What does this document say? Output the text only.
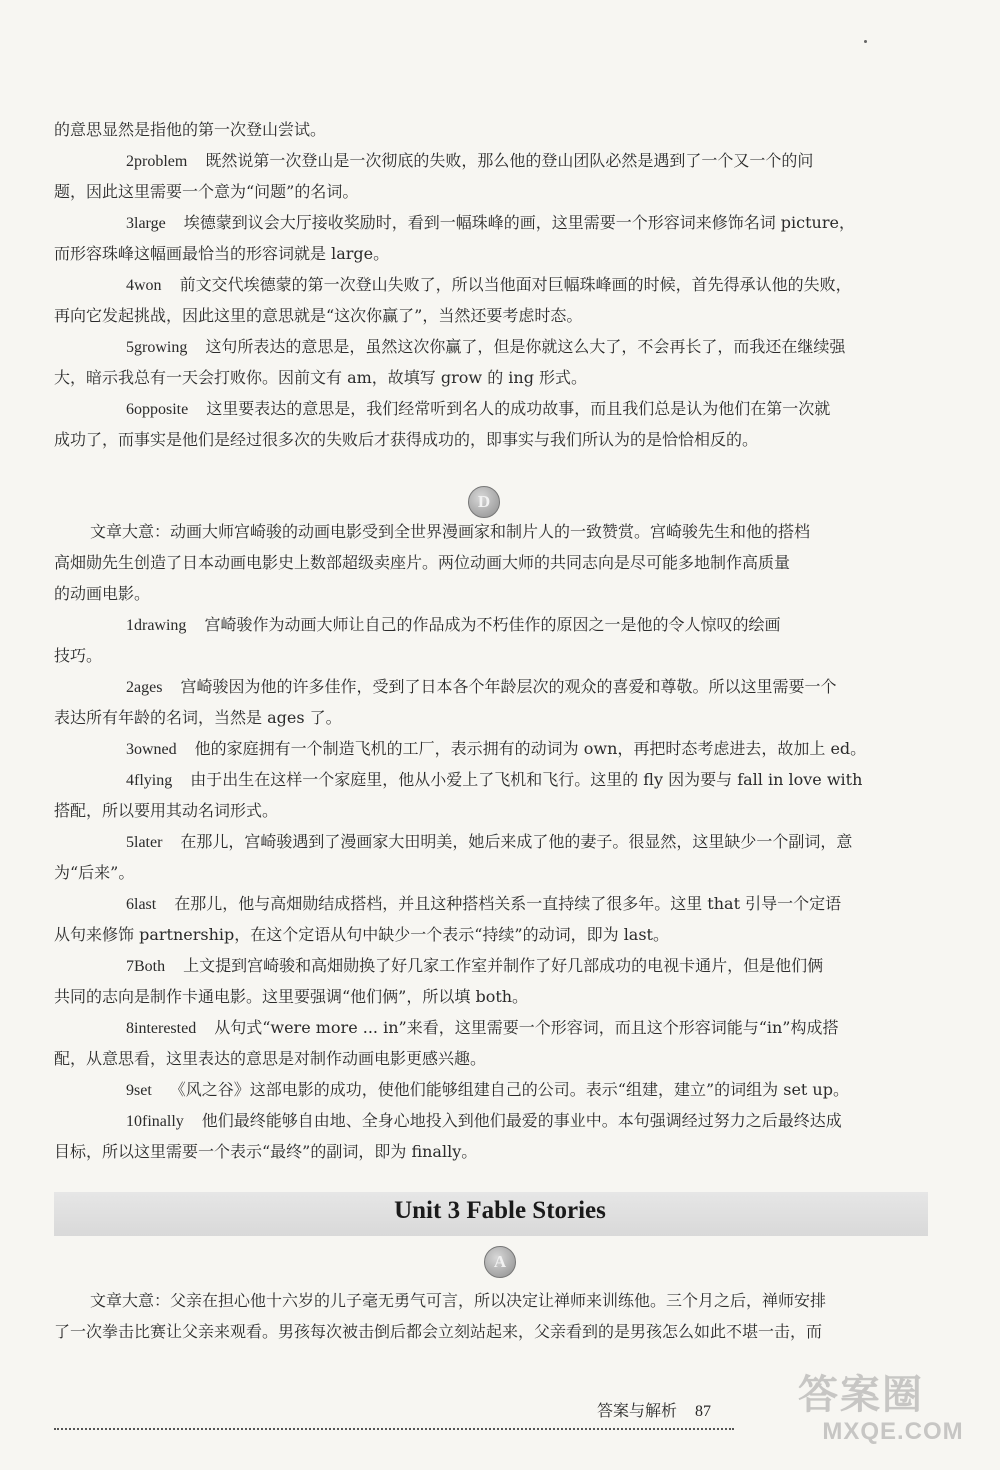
的意思显然是指他的第一次登山尝试。
2problem 既然说第一次登山是一次彻底的失败，那么他的登山团队必然是遇到了一个又一个的问
题，因此这里需要一个意为“问题”的名词。
3large 埃德蒙到议会大厅接收奖励时，看到一幅珠峰的画，这里需要一个形容词来修饰名词 picture，
而形容珠峰这幅画最恰当的形容词就是 large。
4won 前文交代埃德蒙的第一次登山失败了，所以当他面对巨幅珠峰画的时候，首先得承认他的失败，
再向它发起挑战，因此这里的意思就是“这次你赢了”，当然还要考虑时态。
5growing 这句所表达的意思是，虽然这次你赢了，但是你就这么大了，不会再长了，而我还在继续强
大，暗示我总有一天会打败你。因前文有 am，故填写 grow 的 ing 形式。
6opposite 这里要表达的意思是，我们经常听到名人的成功故事，而且我们总是认为他们在第一次就
成功了，而事实是他们是经过很多次的失败后才获得成功的，即事实与我们所认为的是恰恰相反的。
D
文章大意：动画大师宫崎骏的动画电影受到全世界漫画家和制片人的一致赞赏。宫崎骏先生和他的搭档
高畑勋先生创造了日本动画电影史上数部超级卖座片。两位动画大师的共同志向是尽可能多地制作高质量
的动画电影。
1drawing 宫崎骏作为动画大师让自己的作品成为不朽佳作的原因之一是他的令人惊叹的绘画
技巧。
2ages 宫崎骏因为他的许多佳作，受到了日本各个年龄层次的观众的喜爱和尊敬。所以这里需要一个
表达所有年龄的名词，当然是 ages 了。
3owned 他的家庭拥有一个制造飞机的工厂，表示拥有的动词为 own，再把时态考虑进去，故加上 ed。
4flying 由于出生在这样一个家庭里，他从小爱上了飞机和飞行。这里的 fly 因为要与 fall in love with
搭配，所以要用其动名词形式。
5later 在那儿，宫崎骏遇到了漫画家大田明美，她后来成了他的妻子。很显然，这里缺少一个副词，意
为“后来”。
6last 在那儿，他与高畑勋结成搭档，并且这种搭档关系一直持续了很多年。这里 that 引导一个定语
从句来修饰 partnership，在这个定语从句中缺少一个表示“持续”的动词，即为 last。
7Both 上文提到宫崎骏和高畑勋换了好几家工作室并制作了好几部成功的电视卡通片，但是他们俩
共同的志向是制作卡通电影。这里要强调“他们俩”，所以填 both。
8interested 从句式“were more ... in”来看，这里需要一个形容词，而且这个形容词能与“in”构成搭
配，从意思看，这里表达的意思是对制作动画电影更感兴趣。
9set 《风之谷》这部电影的成功，使他们能够组建自己的公司。表示“组建，建立”的词组为 set up。
10finally 他们最终能够自由地、全身心地投入到他们最爱的事业中。本句强调经过努力之后最终达成
目标，所以这里需要一个表示“最终”的副词，即为 finally。
Unit 3 Fable Stories
A
文章大意：父亲在担心他十六岁的儿子毫无勇气可言，所以决定让禅师来训练他。三个月之后，禅师安排
了一次拳击比赛让父亲来观看。男孩每次被击倒后都会立刻站起来，父亲看到的是男孩怎么如此不堪一击，而
答案与解析 87 答案圈
MXQE.COM
